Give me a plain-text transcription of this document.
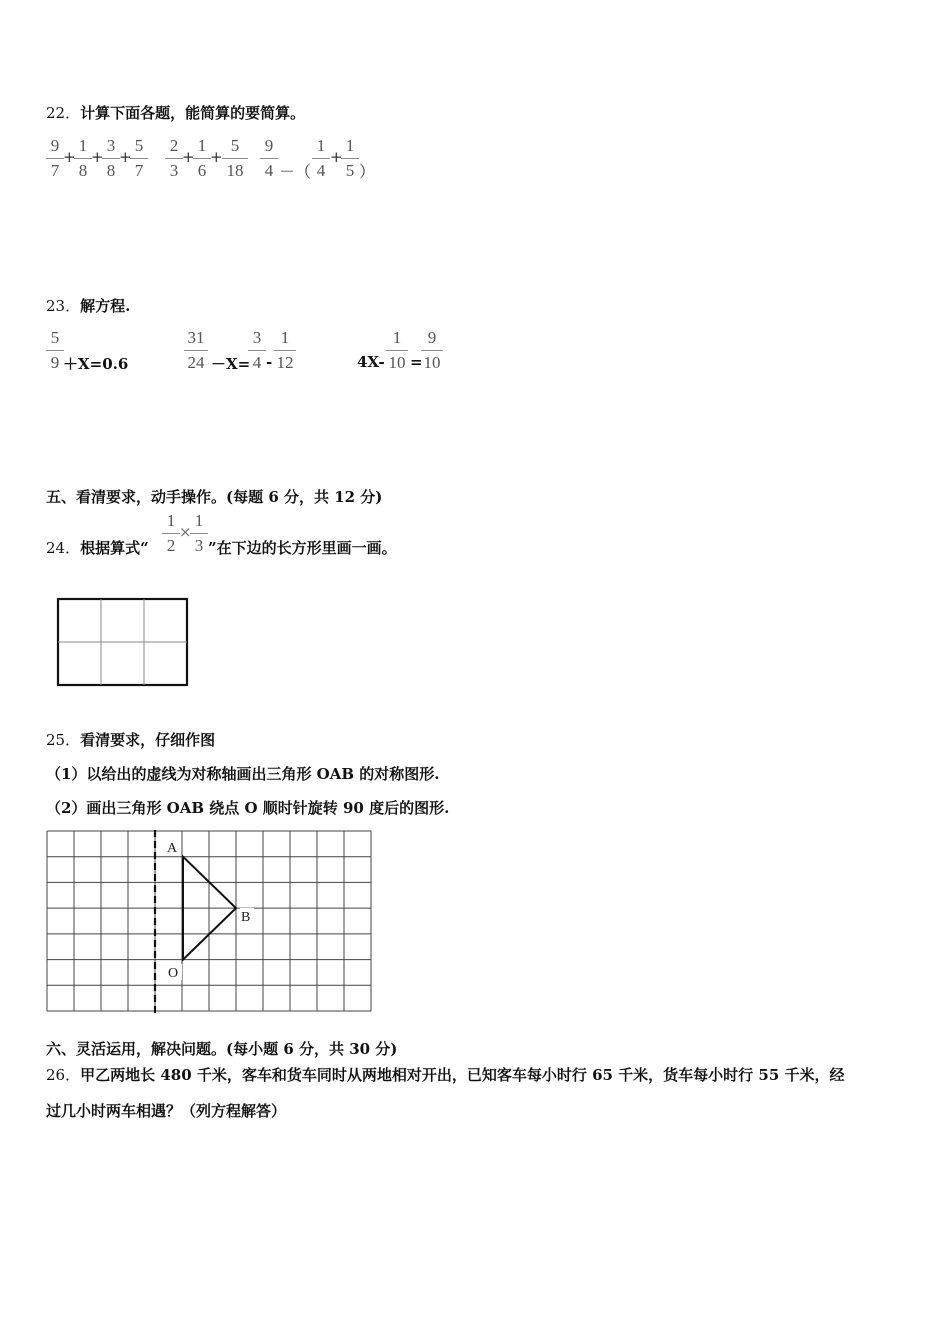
22．计算下面各题，能简算的要简算。
9
7
+
1
8
+
3
8
+
5
7
2
3
+
1
6
+
5
18
9
4 －（
1
4
+
1
5 ）
23．解方程.
5
9 ＋X=0.6
31
24 －X=
3
4 -
1
12	4X-
1
10 =
9
10
五、看清要求，动手操作。(每题 6 分，共 12 分)
24．根据算式“
1
2
×
1
3 ”在下边的长方形里画一画。
25．看清要求，仔细作图
（1）以给出的虚线为对称轴画出三角形 OAB 的对称图形.
（2）画出三角形 OAB 绕点 O 顺时针旋转 90 度后的图形.
A
B
O
六、灵活运用，解决问题。(每小题 6 分，共 30 分)
26．甲乙两地长 480 千米，客车和货车同时从两地相对开出，已知客车每小时行 65 千米，货车每小时行 55 千米，经
过几小时两车相遇？（列方程解答）
